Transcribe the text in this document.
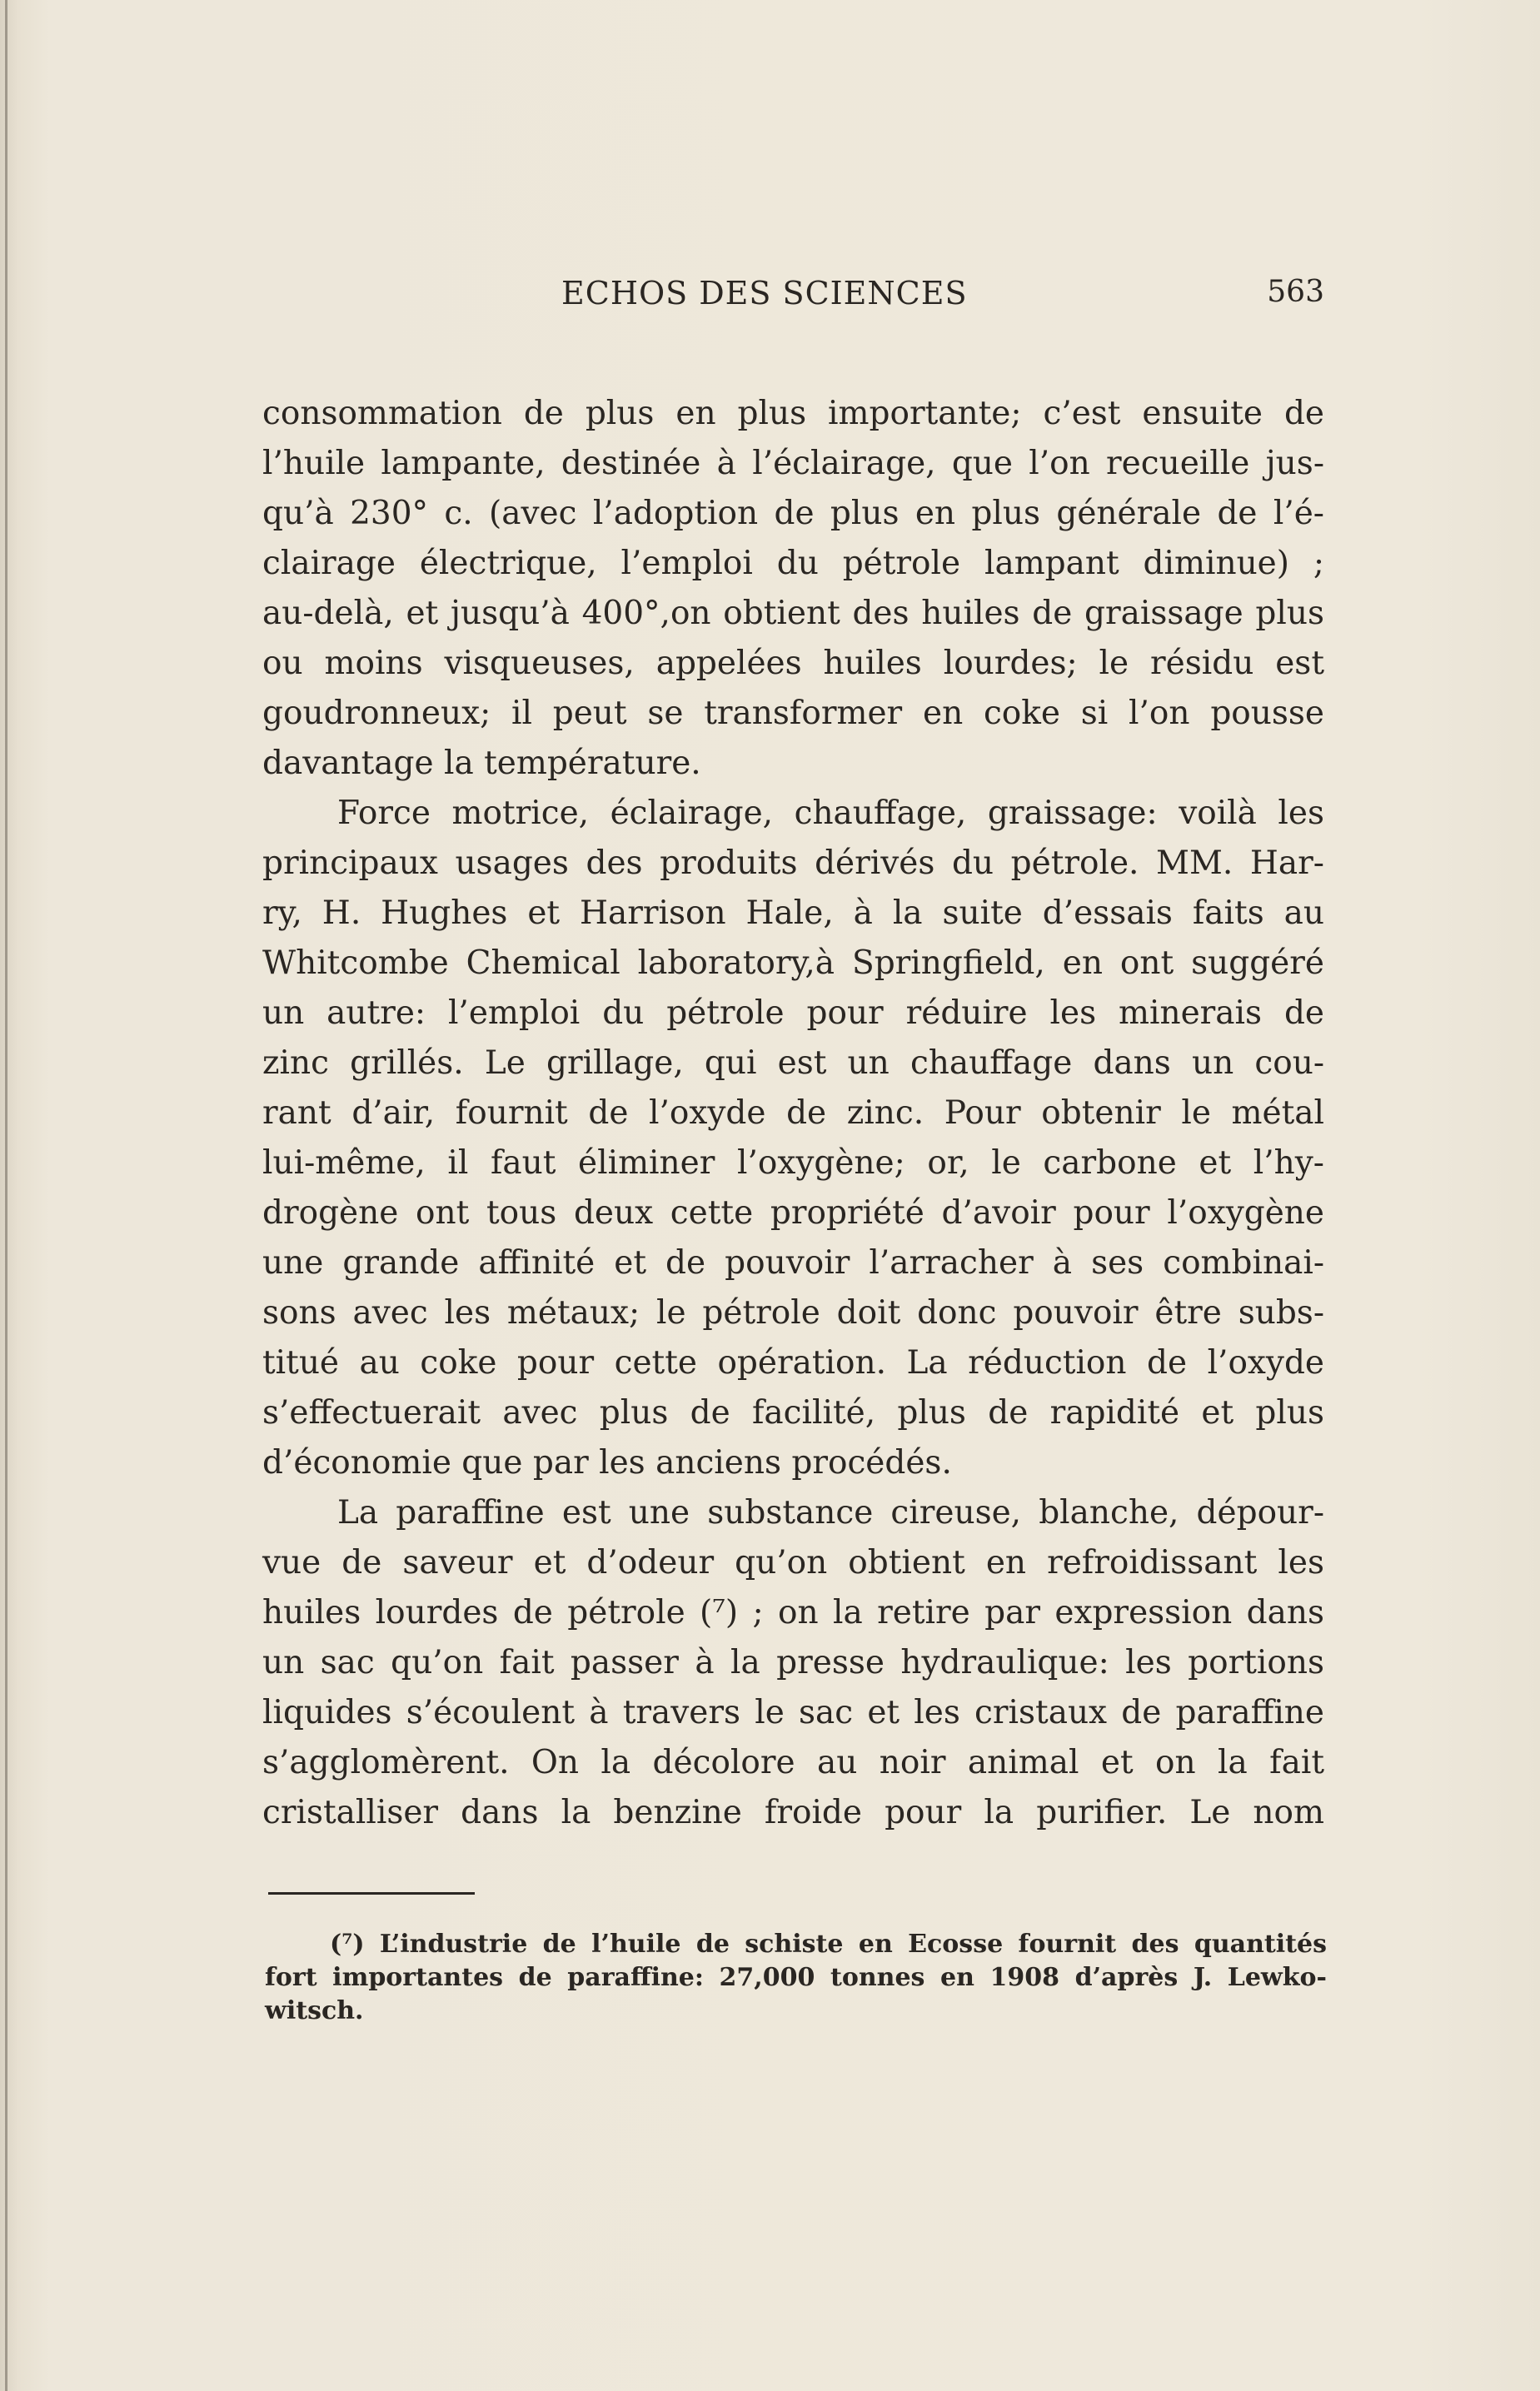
ECHOS DES SCIENCES	563
consommation de plus en plus importante; c’est ensuite de
l’huile lampante, destinée à l’éclairage, que l’on recueille jus-
qu’à 230° c. (avec l’adoption de plus en plus générale de l’é-
clairage électrique, l’emploi du pétrole lampant diminue) ;
au-delà, et jusqu’à 400°,on obtient des huiles de graissage plus
ou moins visqueuses, appelées huiles lourdes; le résidu est
goudronneux; il peut se transformer en coke si l’on pousse
davantage la température.
Force motrice, éclairage, chauffage, graissage: voilà les
principaux usages des produits dérivés du pétrole. MM. Har-
ry, H. Hughes et Harrison Hale, à la suite d’essais faits au
Whitcombe Chemical laboratory,à Springfield, en ont suggéré
un autre: l’emploi du pétrole pour réduire les minerais de
zinc grillés. Le grillage, qui est un chauffage dans un cou-
rant d’air, fournit de l’oxyde de zinc. Pour obtenir le métal
lui-même, il faut éliminer l’oxygène; or, le carbone et l’hy-
drogène ont tous deux cette propriété d’avoir pour l’oxygène
une grande affinité et de pouvoir l’arracher à ses combinai-
sons avec les métaux; le pétrole doit donc pouvoir être subs-
titué au coke pour cette opération. La réduction de l’oxyde
s’effectuerait avec plus de facilité, plus de rapidité et plus
d’économie que par les anciens procédés.
La paraffine est une substance cireuse, blanche, dépour-
vue de saveur et d’odeur qu’on obtient en refroidissant les
huiles lourdes de pétrole (⁷) ; on la retire par expression dans
un sac qu’on fait passer à la presse hydraulique: les portions
liquides s’écoulent à travers le sac et les cristaux de paraffine
s’agglomèrent. On la décolore au noir animal et on la fait
cristalliser dans la benzine froide pour la purifier. Le nom
(⁷) L’industrie de l’huile de schiste en Ecosse fournit des quantités
fort importantes de paraffine: 27,000 tonnes en 1908 d’après J. Lewko-
witsch.
